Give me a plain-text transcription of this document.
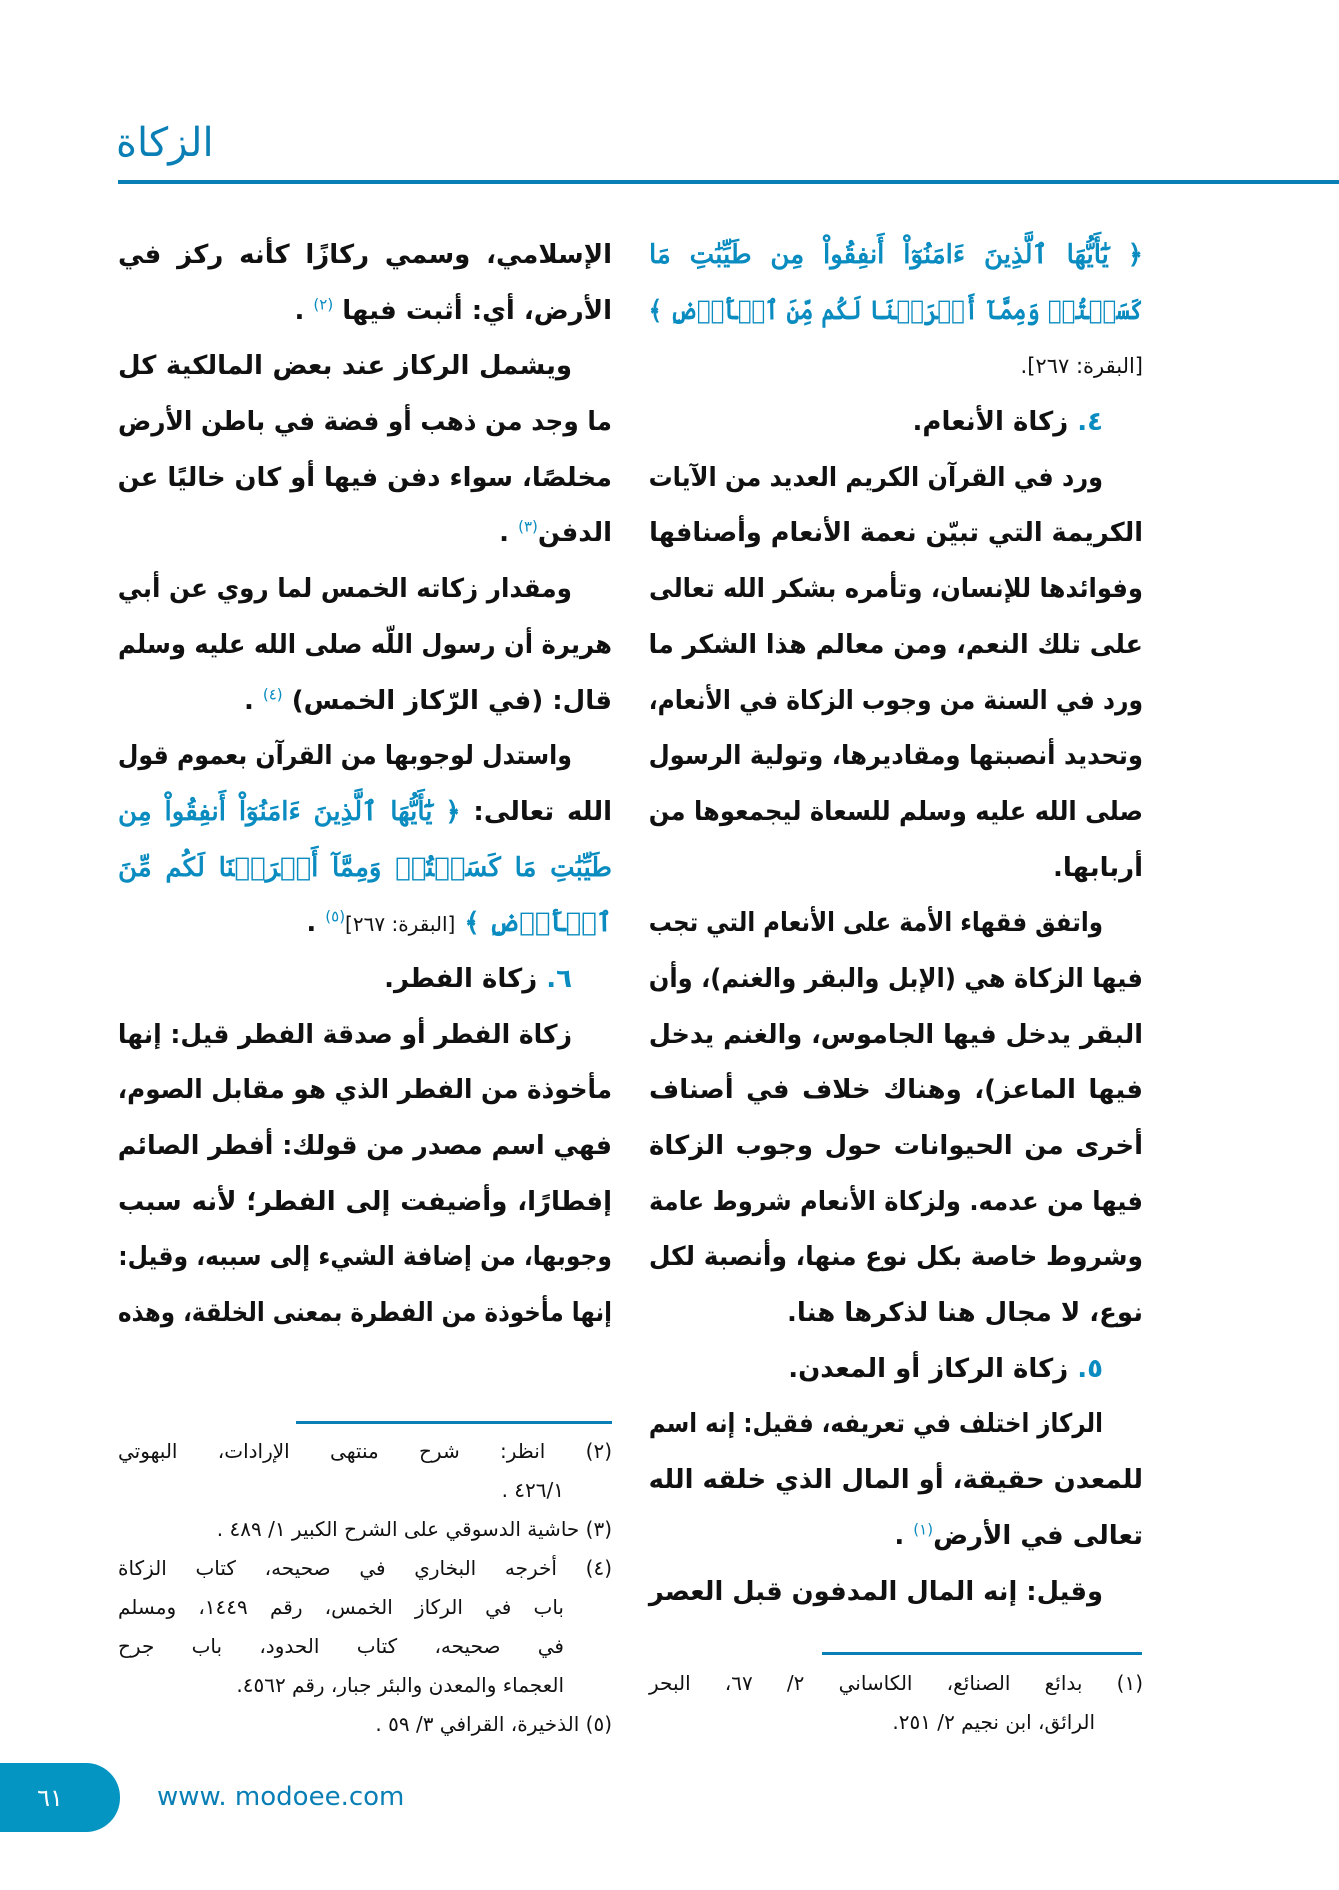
الزكاة
﴿ يَٰٓأَيُّهَا ٱلَّذِينَ ءَامَنُوٓاْ أَنفِقُواْ مِن طَيِّبَٰتِ مَا
كَسَبۡتُمۡ وَمِمَّآ أَخۡرَجۡنَا لَكُم مِّنَ ٱلۡأَرۡضِ ﴾
[البقرة: ٢٦٧].
٤. زكاة الأنعام.
ورد في القرآن الكريم العديد من الآيات
الكريمة التي تبيّن نعمة الأنعام وأصنافها
وفوائدها للإنسان، وتأمره بشكر الله تعالى
على تلك النعم، ومن معالم هذا الشكر ما
ورد في السنة من وجوب الزكاة في الأنعام،
وتحديد أنصبتها ومقاديرها، وتولية الرسول
صلى الله عليه وسلم للسعاة ليجمعوها من
أربابها.
واتفق فقهاء الأمة على الأنعام التي تجب
فيها الزكاة هي (الإبل والبقر والغنم)، وأن
البقر يدخل فيها الجاموس، والغنم يدخل
فيها الماعز)، وهناك خلاف في أصناف
أخرى من الحيوانات حول وجوب الزكاة
فيها من عدمه. ولزكاة الأنعام شروط عامة
وشروط خاصة بكل نوع منها، وأنصبة لكل
نوع، لا مجال هنا لذكرها هنا.
٥. زكاة الركاز أو المعدن.
الركاز اختلف في تعريفه، فقيل: إنه اسم
للمعدن حقيقة، أو المال الذي خلقه الله
تعالى في الأرض$^{(١)}$ .
وقيل: إنه المال المدفون قبل العصر
الإسلامي، وسمي ركازًا كأنه ركز في
الأرض، أي: أثبت فيها $^{(٢)}$ .
ويشمل الركاز عند بعض المالكية كل
ما وجد من ذهب أو فضة في باطن الأرض
مخلصًا، سواء دفن فيها أو كان خاليًا عن
الدفن$^{(٣)}$ .
ومقدار زكاته الخمس لما روي عن أبي
هريرة أن رسول اللّه صلى الله عليه وسلم
قال: (في الرّكاز الخمس) $^{(٤)}$ .
واستدل لوجوبها من القرآن بعموم قول
الله تعالى: ﴿ يَٰٓأَيُّهَا ٱلَّذِينَ ءَامَنُوٓاْ أَنفِقُواْ مِن
طَيِّبَٰتِ مَا كَسَبۡتُمۡ وَمِمَّآ أَخۡرَجۡنَا لَكُم مِّنَ
ٱلۡأَرۡضِ ﴾ [البقرة: ٢٦٧]$^{(٥)}$ .
٦. زكاة الفطر.
زكاة الفطر أو صدقة الفطر قيل: إنها
مأخوذة من الفطر الذي هو مقابل الصوم،
فهي اسم مصدر من قولك: أفطر الصائم
إفطارًا، وأضيفت إلى الفطر؛ لأنه سبب
وجوبها، من إضافة الشيء إلى سببه، وقيل:
إنها مأخوذة من الفطرة بمعنى الخلقة، وهذه
(٢) انظر: شرح منتهى الإرادات، البهوتي
٤٢٦/١ .
(٣) حاشية الدسوقي على الشرح الكبير ١/ ٤٨٩ .
(٤) أخرجه البخاري في صحيحه، كتاب الزكاة
باب في الركاز الخمس، رقم ١٤٤٩، ومسلم
في صحيحه، كتاب الحدود، باب جرح
العجماء والمعدن والبئر جبار، رقم ٤٥٦٢.
(٥) الذخيرة، القرافي ٣/ ٥٩ .
(١) بدائع الصنائع، الكاساني ٢/ ٦٧، البحر
الرائق، ابن نجيم ٢/ ٢٥١.
٦١	www. modoee.com
